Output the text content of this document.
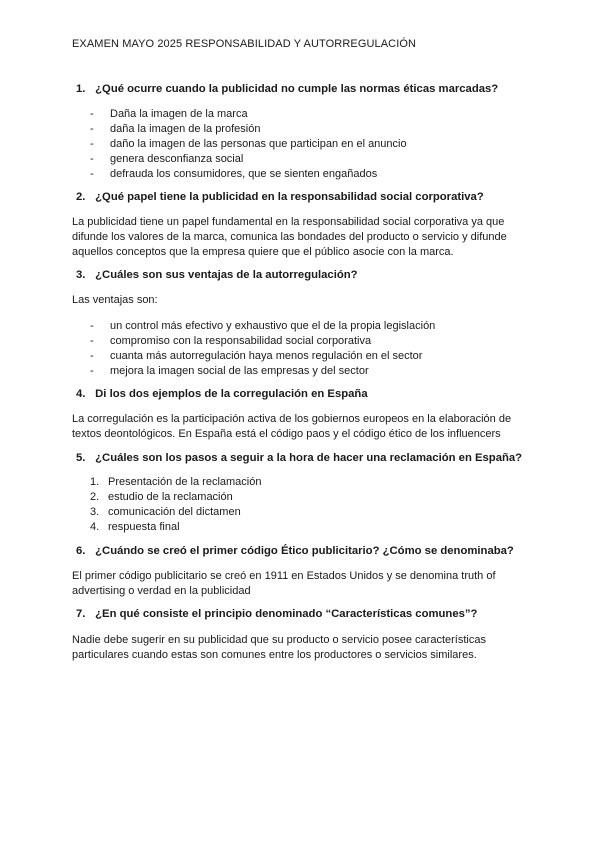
EXAMEN MAYO 2025 RESPONSABILIDAD Y AUTORREGULACIÓN
1. ¿Qué ocurre cuando la publicidad no cumple las normas éticas marcadas?
- Daña la imagen de la marca
- daña la imagen de la profesión
- daño la imagen de las personas que participan en el anuncio
- genera desconfianza social
- defrauda los consumidores, que se sienten engañados
2. ¿Qué papel tiene la publicidad en la responsabilidad social corporativa?
La publicidad tiene un papel fundamental en la responsabilidad social corporativa ya que
difunde los valores de la marca, comunica las bondades del producto o servicio y difunde
aquellos conceptos que la empresa quiere que el público asocie con la marca.
3. ¿Cuáles son sus ventajas de la autorregulación?
Las ventajas son:
- un control más efectivo y exhaustivo que el de la propia legislación
- compromiso con la responsabilidad social corporativa
- cuanta más autorregulación haya menos regulación en el sector
- mejora la imagen social de las empresas y del sector
4. Di los dos ejemplos de la corregulación en España
La corregulación es la participación activa de los gobiernos europeos en la elaboración de
textos deontológicos. En España está el código paos y el código ético de los influencers
5. ¿Cuáles son los pasos a seguir a la hora de hacer una reclamación en España?
1. Presentación de la reclamación
2. estudio de la reclamación
3. comunicación del dictamen
4. respuesta final
6. ¿Cuándo se creó el primer código Ético publicitario? ¿Cómo se denominaba?
El primer código publicitario se creó en 1911 en Estados Unidos y se denomina truth of
advertising o verdad en la publicidad
7. ¿En qué consiste el principio denominado “Características comunes”?
Nadie debe sugerir en su publicidad que su producto o servicio posee características
particulares cuando estas son comunes entre los productores o servicios similares.
